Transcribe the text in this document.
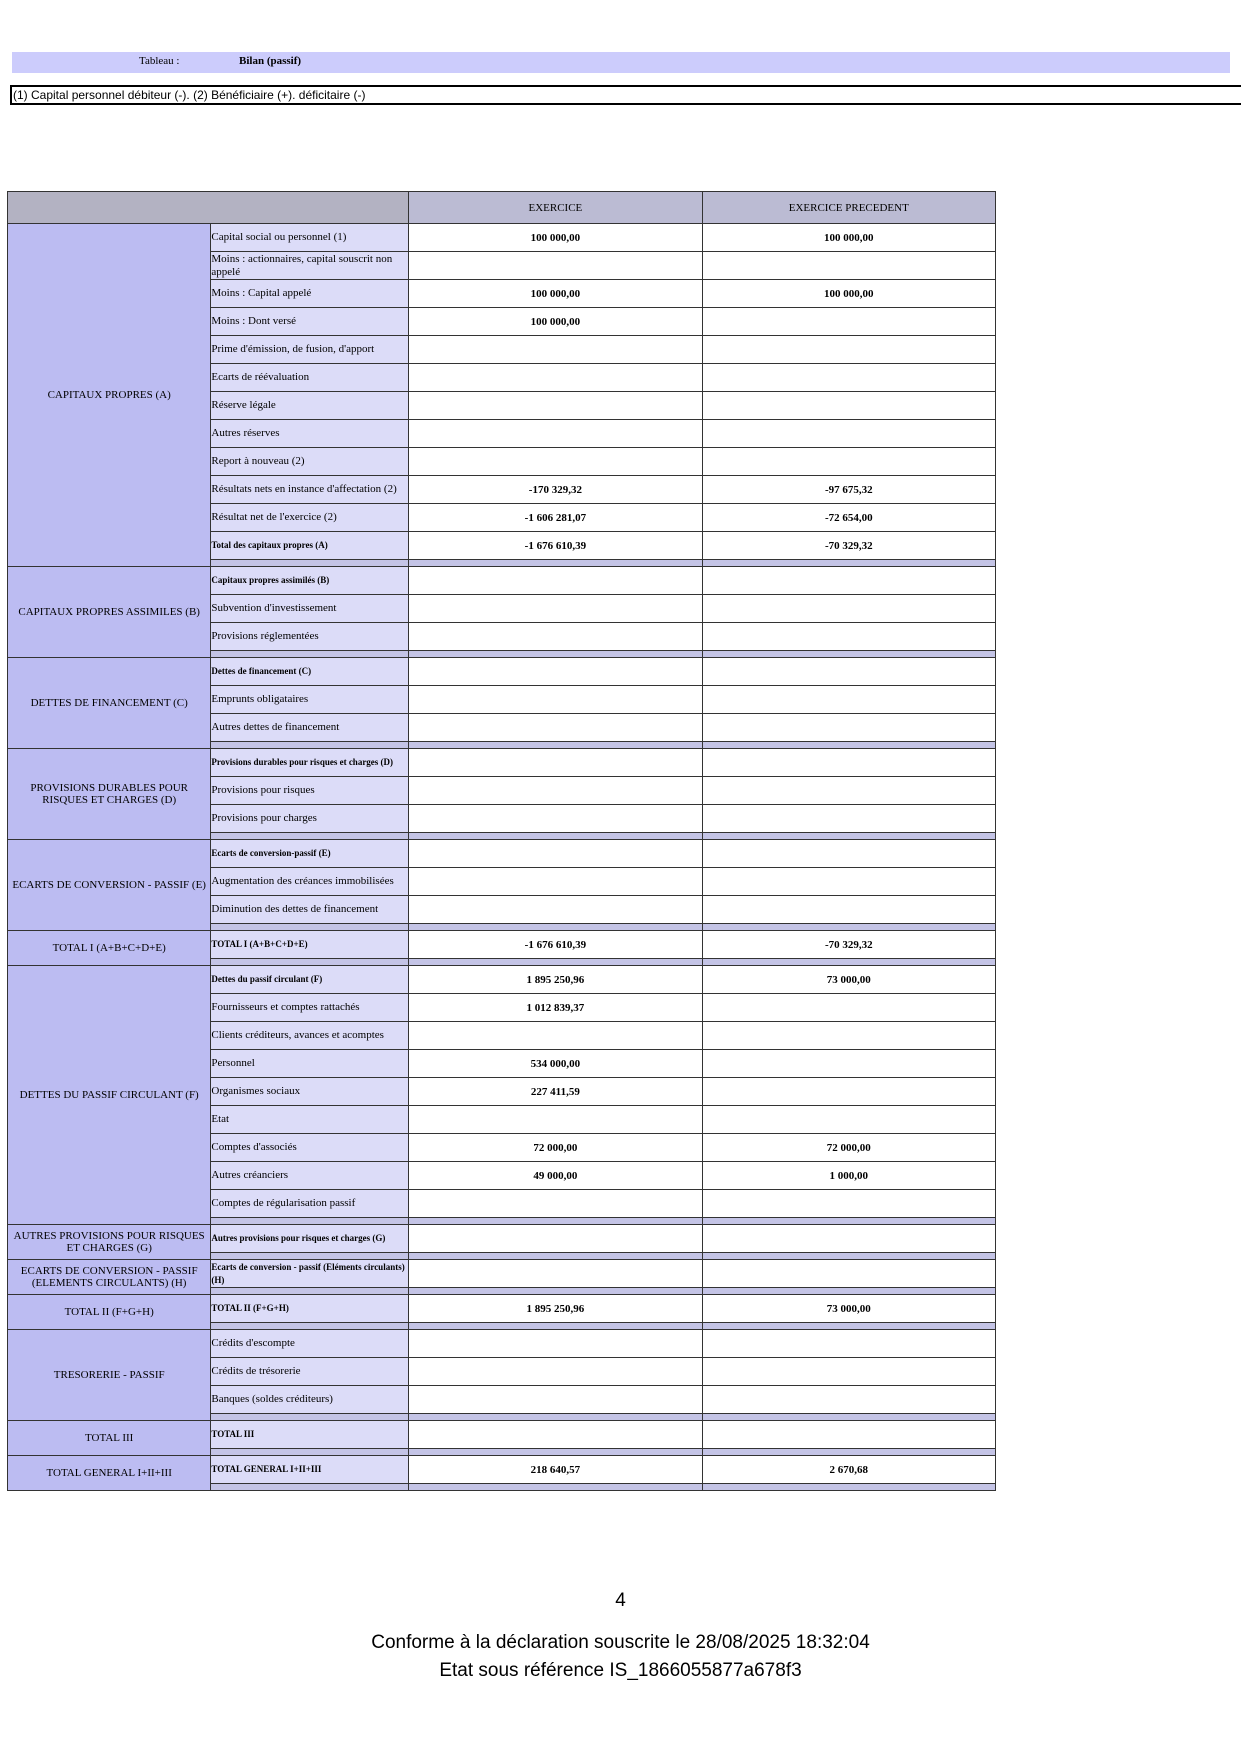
Tableau :	Bilan (passif)
(1) Capital personnel débiteur (-). (2) Bénéficiaire (+). déficitaire (-)
		EXERCICE	EXERCICE PRECEDENT
CAPITAUX PROPRES (A)	Capital social ou personnel (1)	100 000,00	100 000,00
	Moins : actionnaires, capital souscrit non appelé		
	Moins : Capital appelé	100 000,00	100 000,00
	Moins : Dont versé	100 000,00	
	Prime d'émission, de fusion, d'apport		
	Ecarts de réévaluation		
	Réserve légale		
	Autres réserves		
	Report à nouveau (2)		
	Résultats nets en instance d'affectation (2)	-170 329,32	-97 675,32
	Résultat net de l'exercice (2)	-1 606 281,07	-72 654,00
	Total des capitaux propres (A)	-1 676 610,39	-70 329,32

CAPITAUX PROPRES ASSIMILES (B)	Capitaux propres assimilés (B)		
	Subvention d'investissement		
	Provisions réglementées		

DETTES DE FINANCEMENT (C)	Dettes de financement (C)		
	Emprunts obligataires		
	Autres dettes de financement		

PROVISIONS DURABLES POUR RISQUES ET CHARGES (D)	Provisions durables pour risques et charges (D)		
	Provisions pour risques		
	Provisions pour charges		

ECARTS DE CONVERSION - PASSIF (E)	Ecarts de conversion-passif (E)		
	Augmentation des créances immobilisées		
	Diminution des dettes de financement		

TOTAL I (A+B+C+D+E)	TOTAL I (A+B+C+D+E)	-1 676 610,39	-70 329,32

DETTES DU PASSIF CIRCULANT (F)	Dettes du passif circulant (F)	1 895 250,96	73 000,00
	Fournisseurs et comptes rattachés	1 012 839,37	
	Clients créditeurs, avances et acomptes		
	Personnel	534 000,00	
	Organismes sociaux	227 411,59	
	Etat		
	Comptes d'associés	72 000,00	72 000,00
	Autres créanciers	49 000,00	1 000,00
	Comptes de régularisation passif		

AUTRES PROVISIONS POUR RISQUES ET CHARGES (G)	Autres provisions pour risques et charges (G)		

ECARTS DE CONVERSION - PASSIF (ELEMENTS CIRCULANTS) (H)	Ecarts de conversion - passif (Eléments circulants) (H)		

TOTAL II (F+G+H)	TOTAL II (F+G+H)	1 895 250,96	73 000,00

TRESORERIE - PASSIF	Crédits d'escompte		
	Crédits de trésorerie		
	Banques (soldes créditeurs)		

TOTAL III	TOTAL III		

TOTAL GENERAL I+II+III	TOTAL GENERAL I+II+III	218 640,57	2 670,68

4
Conforme à la déclaration souscrite le 28/08/2025 18:32:04
Etat sous référence IS_1866055877a678f3
